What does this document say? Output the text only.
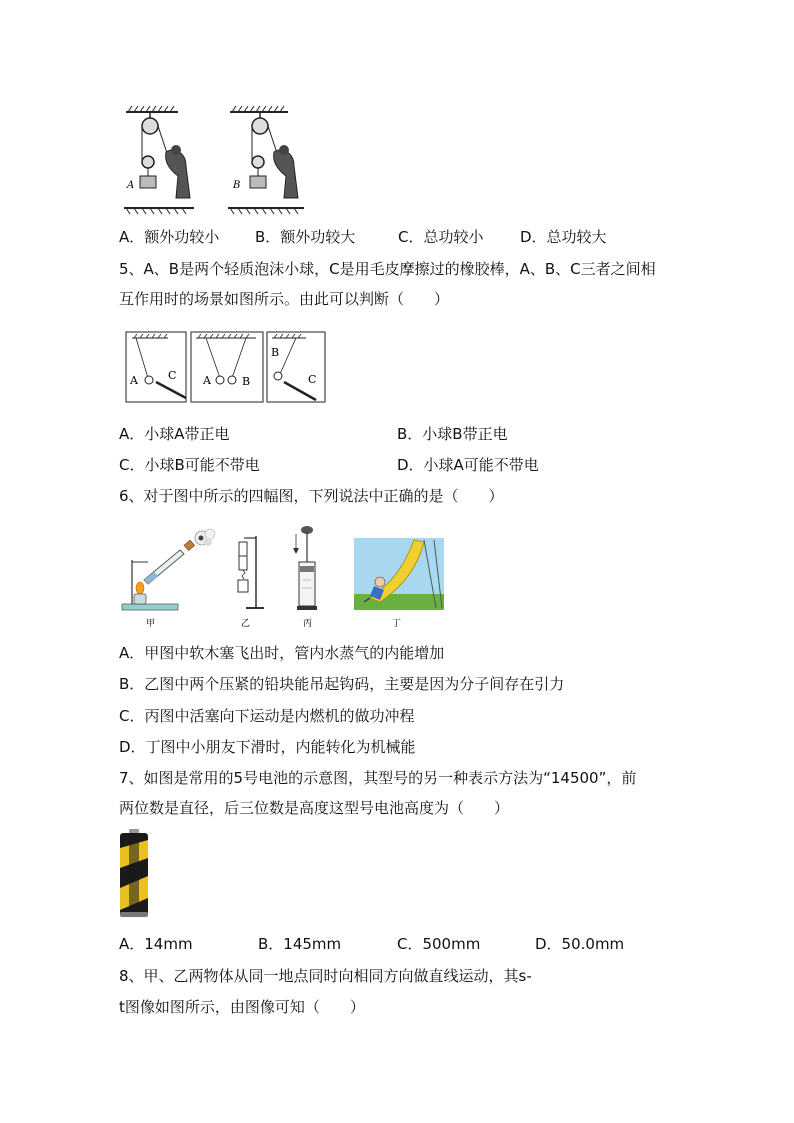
A	B
A．额外功较小 B．额外功较大	C．总功较小 D．总功较大
5、A、B是两个轻质泡沫小球，C是用毛皮摩擦过的橡胶棒，A、B、C三者之间相
互作用时的场景如图所示。由此可以判断（　　）
A	C A	B
B
C
A．小球A带正电	B．小球B带正电
C．小球B可能不带电	D．小球A可能不带电
6、对于图中所示的四幅图，下列说法中正确的是（　　）
甲	乙	丙	丁
A．甲图中软木塞飞出时，管内水蒸气的内能增加
B．乙图中两个压紧的铅块能吊起钩码，主要是因为分子间存在引力
C．丙图中活塞向下运动是内燃机的做功冲程
D．丁图中小朋友下滑时，内能转化为机械能
7、如图是常用的5号电池的示意图，其型号的另一种表示方法为“14500”，前
两位数是直径，后三位数是高度这型号电池高度为（　　）
A．14mm	B．145mm	C．500mm	D．50.0mm
8、甲、乙两物体从同一地点同时向相同方向做直线运动，其s-
t图像如图所示，由图像可知（　　）
